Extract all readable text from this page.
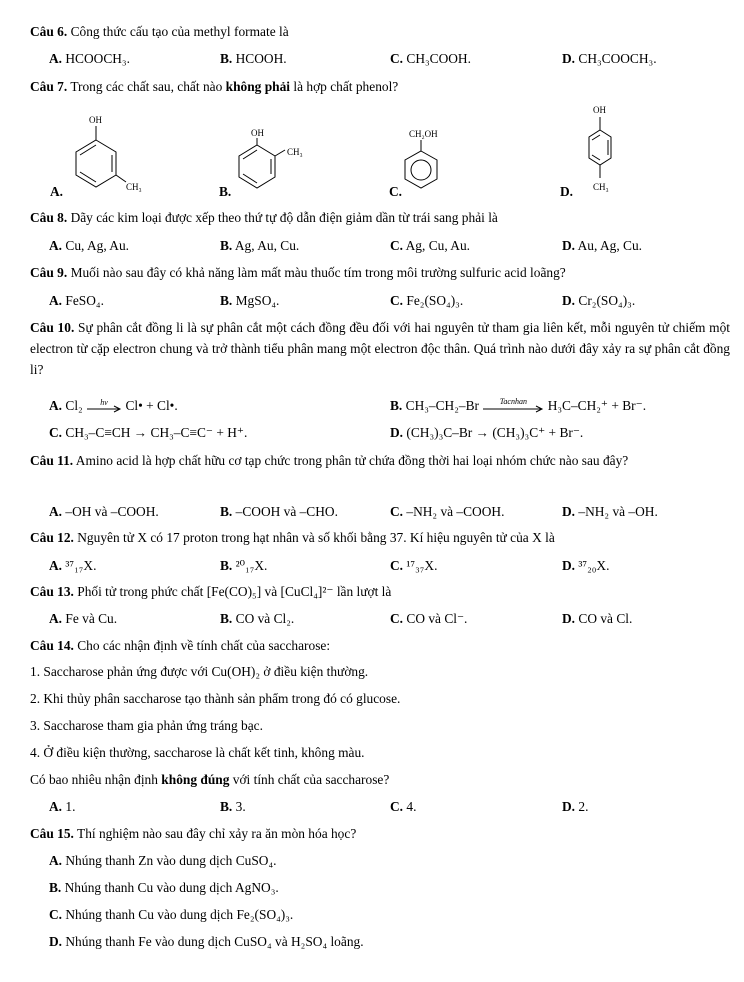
Câu 6. Công thức cấu tạo của methyl formate là
A. HCOOCH₃.	B. HCOOH.	C. CH₃COOH.	D. CH₃COOCH₃.
Câu 7. Trong các chất sau, chất nào không phải là hợp chất phenol?
OH
CH₃
A.
OH
CH₃
B.
CH₂OH
C.
OH
CH₃
D.
Câu 8. Dãy các kim loại được xếp theo thứ tự độ dẫn điện giảm dần từ trái sang phải là
A. Cu, Ag, Au.	B. Ag, Au, Cu.	C. Ag, Cu, Au.	D. Au, Ag, Cu.
Câu 9. Muối nào sau đây có khả năng làm mất màu thuốc tím trong môi trường sulfuric acid loãng?
A. FeSO₄.	B. MgSO₄.	C. Fe₂(SO₄)₃.	D. Cr₂(SO₄)₃.
Câu 10. Sự phân cắt đồng li là sự phân cắt một cách đồng đều đối với hai nguyên tử tham gia liên kết, mỗi nguyên tử chiếm một electron từ cặp electron chung và trở thành tiểu phân mang một electron độc thân. Quá trình nào dưới đây xảy ra sự phân cắt đồng li?
A. Cl₂	hv	Cl• + Cl•.	B. CH₃–CH₂–Br	Tacnhan	H₃C–CH₂⁺ + Br⁻.
C. CH₃–C≡CH → CH₃–C≡C⁻ + H⁺.	D. (CH₃)₃C–Br → (CH₃)₃C⁺ + Br⁻.
Câu 11. Amino acid là hợp chất hữu cơ tạp chức trong phân tử chứa đồng thời hai loại nhóm chức nào sau đây?
A. –OH và –COOH.	B. –COOH và –CHO.	C. –NH₂ và –COOH.	D. –NH₂ và –OH.
Câu 12. Nguyên tử X có 17 proton trong hạt nhân và số khối bằng 37. Kí hiệu nguyên tử của X là
A. ³⁷₁₇X.	B. ²⁰₁₇X.	C. ¹⁷₃₇X.	D. ³⁷₂₀X.
Câu 13. Phối tử trong phức chất [Fe(CO)₅] và [CuCl₄]²⁻ lần lượt là
A. Fe và Cu.	B. CO và Cl₂.	C. CO và Cl⁻.	D. CO và Cl.
Câu 14. Cho các nhận định về tính chất của saccharose:
1. Saccharose phản ứng được với Cu(OH)₂ ở điều kiện thường.
2. Khi thủy phân saccharose tạo thành sản phẩm trong đó có glucose.
3. Saccharose tham gia phản ứng tráng bạc.
4. Ở điều kiện thường, saccharose là chất kết tinh, không màu.
Có bao nhiêu nhận định không đúng với tính chất của saccharose?
A. 1.	B. 3.	C. 4.	D. 2.
Câu 15. Thí nghiệm nào sau đây chỉ xảy ra ăn mòn hóa học?
A. Nhúng thanh Zn vào dung dịch CuSO₄.
B. Nhúng thanh Cu vào dung dịch AgNO₃.
C. Nhúng thanh Cu vào dung dịch Fe₂(SO₄)₃.
D. Nhúng thanh Fe vào dung dịch CuSO₄ và H₂SO₄ loãng.
